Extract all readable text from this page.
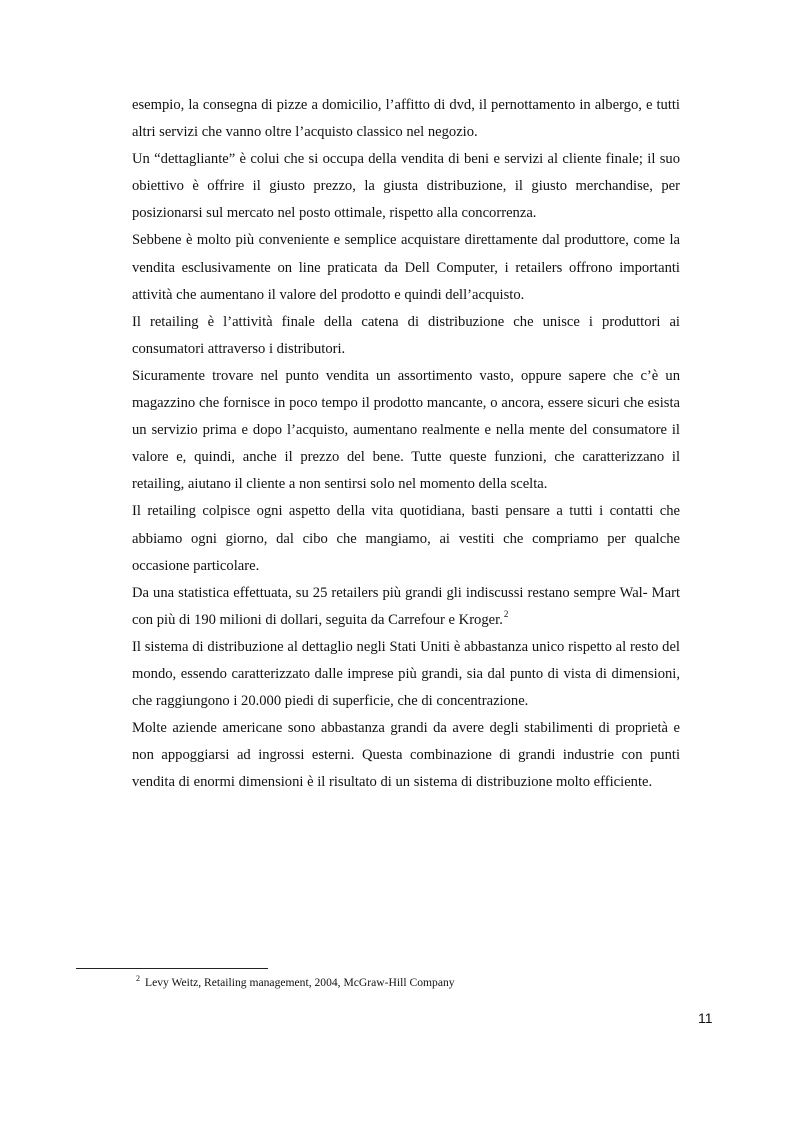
esempio, la consegna di pizze a domicilio, l’affitto di dvd, il pernottamento in albergo, e tutti altri servizi che vanno oltre l’acquisto classico nel negozio.

Un “dettagliante” è colui che si occupa della vendita di beni e servizi al cliente finale; il suo obiettivo è offrire il giusto prezzo, la giusta distribuzione, il giusto merchandise, per posizionarsi sul mercato nel posto ottimale, rispetto alla concorrenza.

Sebbene è molto più conveniente e semplice acquistare direttamente dal produttore, come la vendita esclusivamente on line praticata da Dell Computer, i retailers offrono importanti attività che aumentano il valore del prodotto e quindi dell’acquisto.

Il retailing è l’attività finale della catena di distribuzione che unisce i produttori ai consumatori attraverso i distributori.

Sicuramente trovare nel punto vendita un assortimento vasto, oppure sapere che c’è un magazzino che fornisce in poco tempo il prodotto mancante, o ancora, essere sicuri che esista un servizio prima e dopo l’acquisto, aumentano realmente e nella mente del consumatore il valore e, quindi, anche il prezzo del bene. Tutte queste funzioni, che caratterizzano il retailing, aiutano il cliente a non sentirsi solo nel momento della scelta.

Il retailing colpisce ogni aspetto della vita quotidiana, basti pensare a tutti i contatti che abbiamo ogni giorno, dal cibo che mangiamo, ai vestiti che compriamo per qualche occasione particolare.

Da una statistica effettuata, su 25 retailers più grandi gli indiscussi restano sempre Wal- Mart con più di 190 milioni di dollari, seguita da Carrefour e Kroger.$^2$

Il sistema di distribuzione al dettaglio negli Stati Uniti è abbastanza unico rispetto al resto del mondo, essendo caratterizzato dalle imprese più grandi, sia dal punto di vista di dimensioni, che raggiungono i 20.000 piedi di superficie, che di concentrazione.

Molte aziende americane sono abbastanza grandi da avere degli stabilimenti di proprietà e non appoggiarsi ad ingrossi esterni. Questa combinazione di grandi industrie con punti vendita di enormi dimensioni è il risultato di un sistema di distribuzione molto efficiente.

$^2$ Levy Weitz, Retailing management, 2004, McGraw-Hill Company
11
